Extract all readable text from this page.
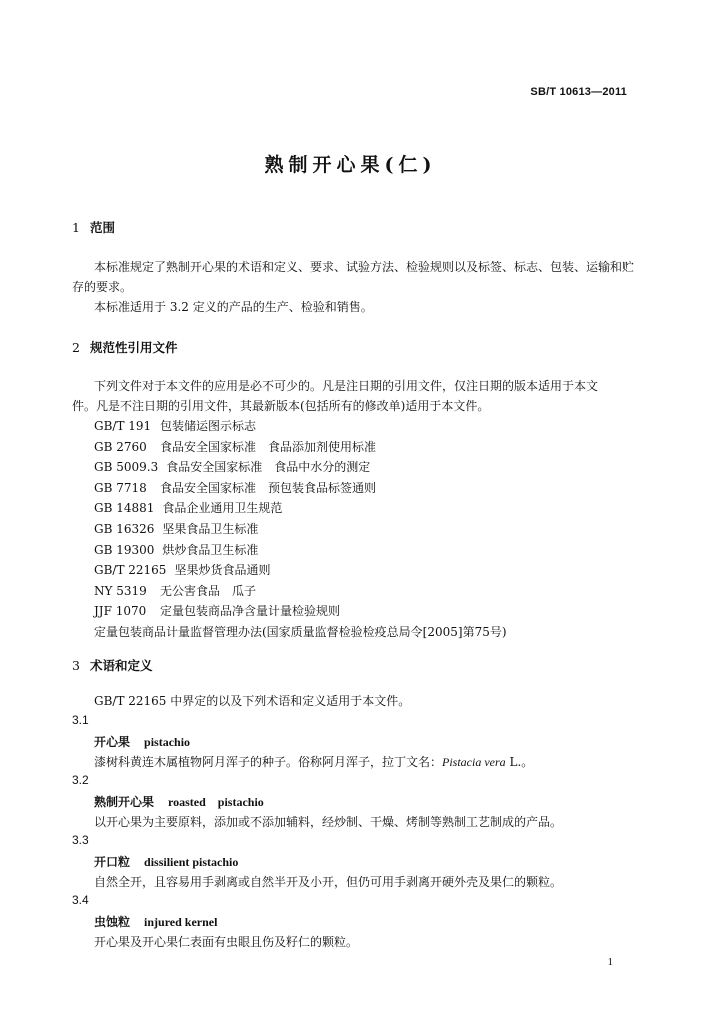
SB/T 10613—2011
熟制开心果(仁)
1 范围
本标准规定了熟制开心果的术语和定义、要求、试验方法、检验规则以及标签、标志、包装、运输和贮
存的要求。
本标准适用于 3.2 定义的产品的生产、检验和销售。
2 规范性引用文件
下列文件对于本文件的应用是必不可少的。凡是注日期的引用文件，仅注日期的版本适用于本文
件。凡是不注日期的引用文件，其最新版本(包括所有的修改单)适用于本文件。
GB/T 191 包装储运图示标志
GB 2760 食品安全国家标准　食品添加剂使用标准
GB 5009.3 食品安全国家标准　食品中水分的测定
GB 7718 食品安全国家标准　预包装食品标签通则
GB 14881 食品企业通用卫生规范
GB 16326 坚果食品卫生标准
GB 19300 烘炒食品卫生标准
GB/T 22165 坚果炒货食品通则
NY 5319 无公害食品　瓜子
JJF 1070 定量包装商品净含量计量检验规则
定量包装商品计量监督管理办法(国家质量监督检验检疫总局令[2005]第75号)
3 术语和定义
GB/T 22165 中界定的以及下列术语和定义适用于本文件。
3.1
开心果 pistachio
漆树科黄连木属植物阿月浑子的种子。俗称阿月浑子，拉丁文名：Pistacia vera L.。
3.2
熟制开心果 roasted　pistachio
以开心果为主要原料，添加或不添加辅料，经炒制、干燥、烤制等熟制工艺制成的产品。
3.3
开口粒 dissilient pistachio
自然全开，且容易用手剥离或自然半开及小开，但仍可用手剥离开硬外壳及果仁的颗粒。
3.4
虫蚀粒 injured kernel
开心果及开心果仁表面有虫眼且伤及籽仁的颗粒。
1
